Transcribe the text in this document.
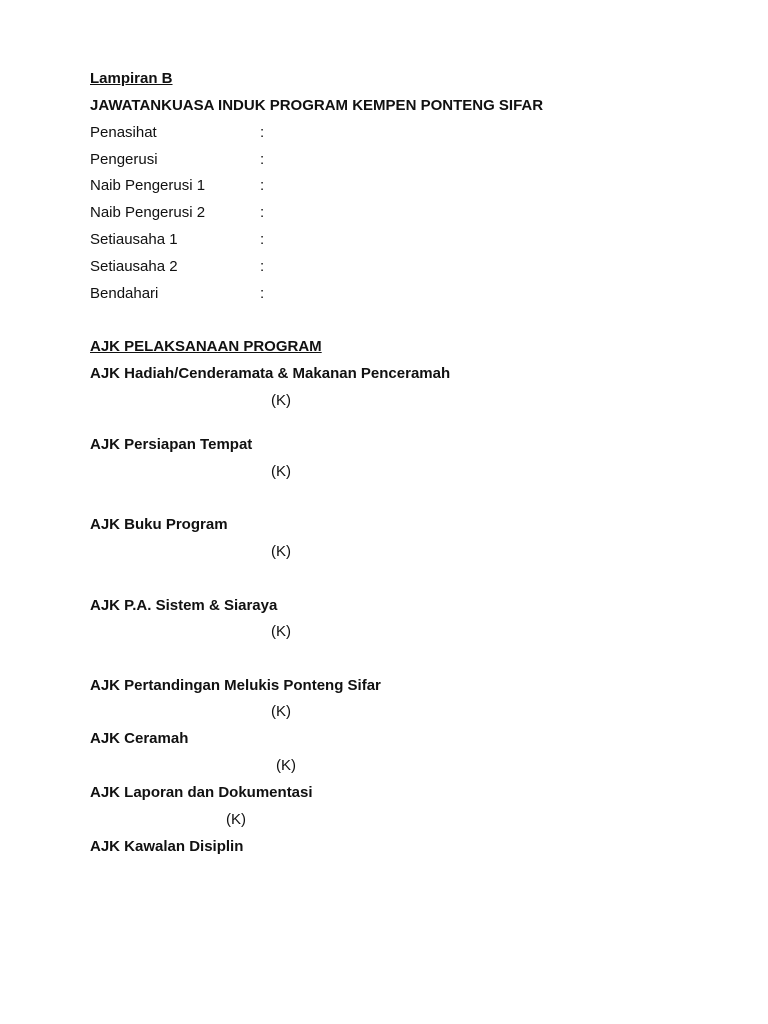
Lampiran B
JAWATANKUASA INDUK PROGRAM KEMPEN PONTENG SIFAR
Penasihat	:
Pengerusi	:
Naib Pengerusi 1	:
Naib Pengerusi 2	:
Setiausaha 1	:
Setiausaha 2	:
Bendahari	:
AJK PELAKSANAAN PROGRAM
AJK Hadiah/Cenderamata & Makanan Penceramah
(K)
AJK Persiapan Tempat
(K)
AJK Buku Program
(K)
AJK P.A. Sistem & Siaraya
(K)
AJK Pertandingan Melukis Ponteng Sifar
(K)
AJK Ceramah
(K)
AJK Laporan dan Dokumentasi
(K)
AJK Kawalan Disiplin
